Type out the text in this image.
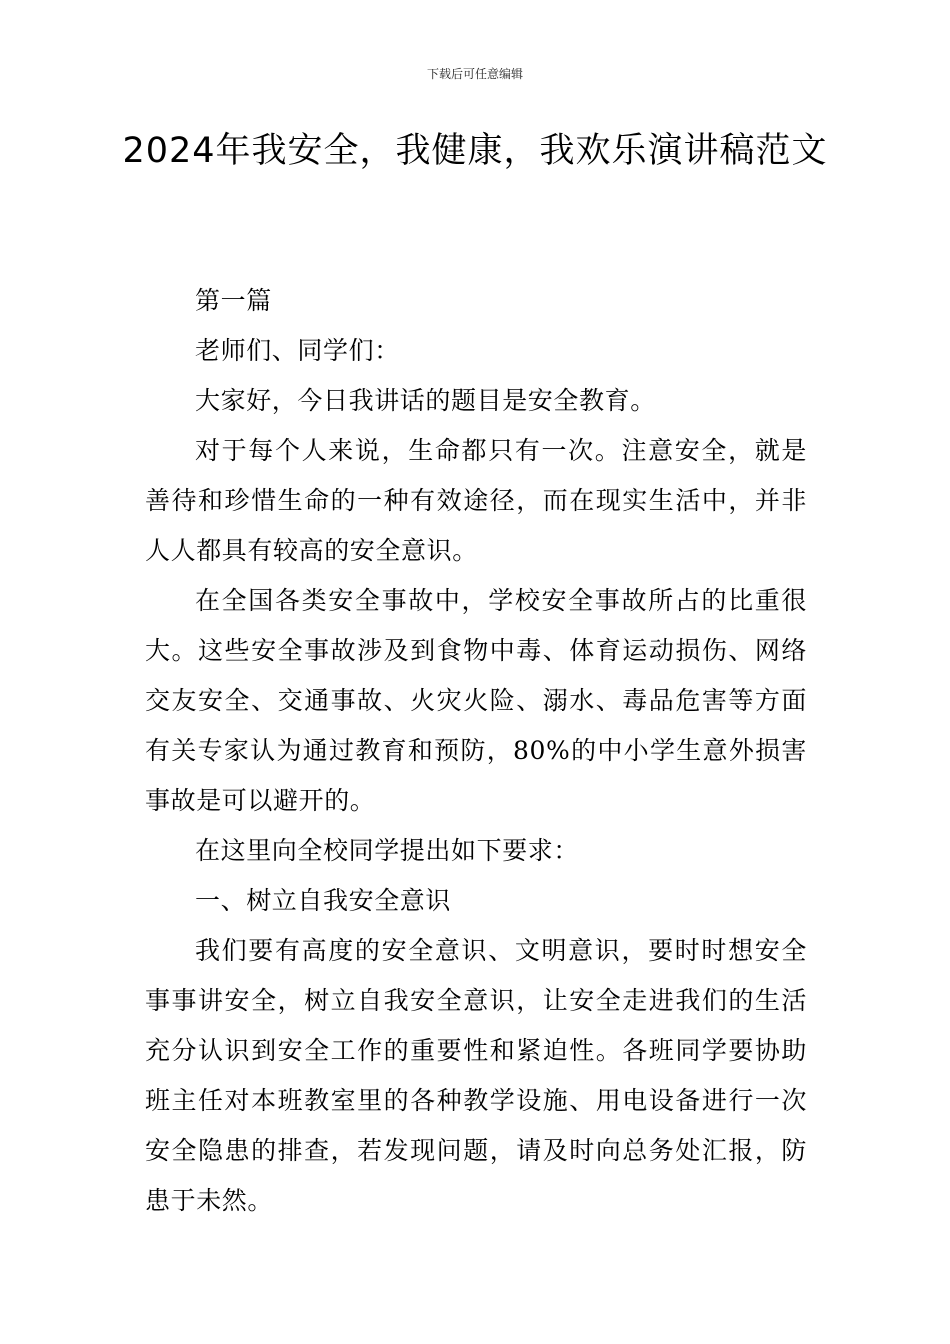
下载后可任意编辑
2024年我安全，我健康，我欢乐演讲稿范文

第一篇

老师们、同学们：

大家好，今日我讲话的题目是安全教育。

对于每个人来说，生命都只有一次。注意安全，就是善待和珍惜生命的一种有效途径，而在现实生活中，并非人人都具有较高的安全意识。

在全国各类安全事故中，学校安全事故所占的比重很大。这些安全事故涉及到食物中毒、体育运动损伤、网络交友安全、交通事故、火灾火险、溺水、毒品危害等方面有关专家认为通过教育和预防，80%的中小学生意外损害事故是可以避开的。

在这里向全校同学提出如下要求：

一、树立自我安全意识

我们要有高度的安全意识、文明意识，要时时想安全事事讲安全，树立自我安全意识，让安全走进我们的生活充分认识到安全工作的重要性和紧迫性。各班同学要协助班主任对本班教室里的各种教学设施、用电设备进行一次安全隐患的排查，若发现问题，请及时向总务处汇报，防患于未然。
